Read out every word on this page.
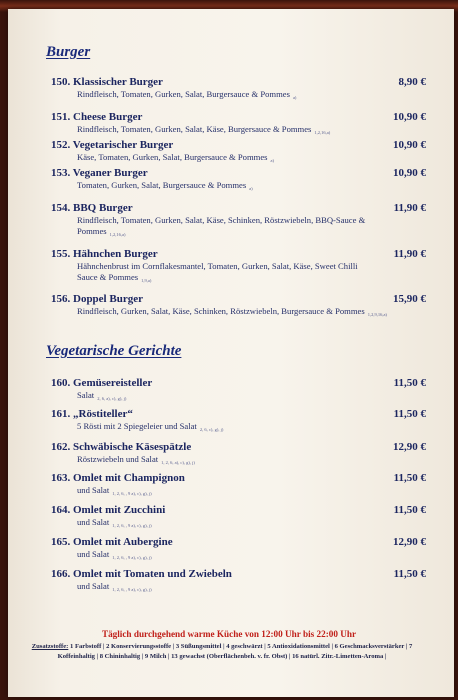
Burger
150. Klassischer Burger	8,90 €
Rindfleisch, Tomaten, Gurken, Salat, Burgersauce & Pommes $_{a)}$
151. Cheese Burger	10,90 €
Rindfleisch, Tomaten, Gurken, Salat, Käse, Burgersauce & Pommes $_{1,2,16,a)}$
152. Vegetarischer Burger	10,90 €
Käse, Tomaten, Gurken, Salat, Burgersauce & Pommes $_{a)}$
153. Veganer Burger	10,90 €
Tomaten, Gurken, Salat, Burgersauce & Pommes $_{a)}$
154. BBQ Burger	11,90 €
Rindfleisch, Tomaten, Gurken, Salat, Käse, Schinken, Röstzwiebeln, BBQ-Sauce & Pommes $_{1,2,16,a)}$
155. Hähnchen Burger	11,90 €
Hähnchenbrust im Cornflakesmantel, Tomaten, Gurken, Salat, Käse, Sweet Chilli Sauce & Pommes $_{1,9,a)}$
156. Doppel Burger	15,90 €
Rindfleisch, Gurken, Salat, Käse, Schinken, Röstzwiebeln, Burgersauce & Pommes $_{1,2,9,16,a)}$
Vegetarische Gerichte
160. Gemüsereisteller	11,50 €
Salat $_{2, 6, a), c), g), j)}$
161. „Röstiteller“	11,50 €
5 Rösti mit 2 Spiegeleier und Salat $_{2, 6, c), g), j)}$
162. Schwäbische Käsespätzle	12,90 €
Röstzwiebeln und Salat $_{1, 2, 6, a), c), g), j)}$
163. Omlet mit Champignon	11,50 €
und Salat $_{1, 2, 6, , 9 a), c), g), j)}$
164. Omlet mit Zucchini	11,50 €
und Salat $_{1, 2, 6, , 9 a), c), g), j)}$
165. Omlet mit Aubergine	12,90 €
und Salat $_{1, 2, 6, , 9 a), c), g), j)}$
166. Omlet mit Tomaten und Zwiebeln	11,50 €
und Salat $_{1, 2, 6, , 9 a), c), g), j)}$
Täglich durchgehend warme Küche von 12:00 Uhr bis 22:00 Uhr
Zusatzstoffe: 1 Farbstoff | 2 Konservierungsstoffe | 3 Süßungsmittel | 4 geschwärzt | 5 Antioxidationsmittel | 6 Geschmacksverstärker | 7 Koffeinhaltig | 8 Chininhaltig | 9 Milch | 13 gewachst (Oberflächenbeh. v. fr. Obst) | 16 natürl. Zitr.-Limetten-Aroma |
